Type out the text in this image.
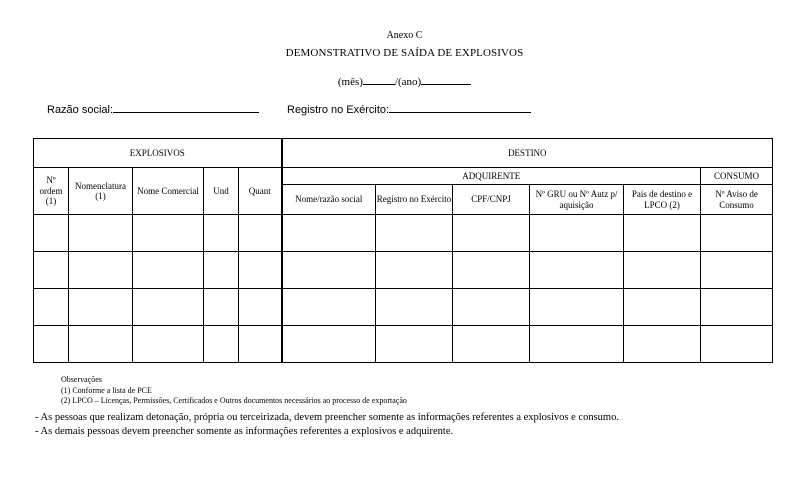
Anexo C
DEMONSTRATIVO DE SAÍDA DE EXPLOSIVOS
(mês)	/(ano)
Razão social:	Registro no Exército:
EXPLOSIVOS					DESTINO					
Nº ordem (1)	Nomenclatura (1)	Nome Comercial	Und	Quant	ADQUIRENTE					CONSUMO
					Nome/razão social	Registro no Exército	CPF/CNPJ	Nº GRU ou Nº Autz p/ aquisição	País de destino e LPCO (2)	Nº Aviso de Consumo

Observações
(1) Conforme a lista de PCE
(2) LPCO – Licenças, Permissões, Certificados e Outros documentos necessários ao processo de exportação
- As pessoas que realizam detonação, própria ou terceirizada, devem preencher somente as informações referentes a explosivos e consumo.
- As demais pessoas devem preencher somente as informações referentes a explosivos e adquirente.
